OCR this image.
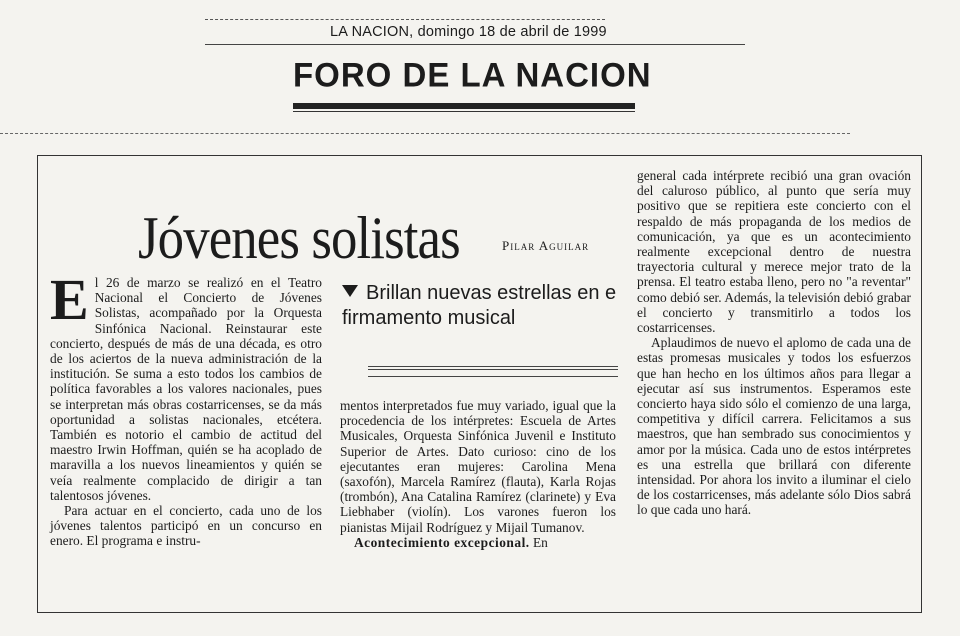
LA NACION, domingo 18 de abril de 1999
FORO DE LA NACION
Jóvenes solistas	Pilar Aguilar

El 26 de marzo se realizó en el Teatro Nacional el Concierto de Jóvenes Solistas, acompañado por la Orquesta Sinfónica Nacional. Reinstaurar este concierto, después de más de una década, es otro de los aciertos de la nueva administración de la institución. Se suma a esto todos los cambios de política favorables a los valores nacionales, pues se interpretan más obras costarricenses, se da más oportunidad a solistas nacionales, etcétera. También es notorio el cambio de actitud del maestro Irwin Hoffman, quién se ha acoplado de maravilla a los nuevos lineamientos y quién se veía realmente complacido de dirigir a tan talentosos jóvenes.

Para actuar en el concierto, cada uno de los jóvenes talentos participó en un concurso en enero. El programa e instru-

Brillan nuevas estrellas en e firmamento musical

mentos interpretados fue muy variado, igual que la procedencia de los intérpretes: Escuela de Artes Musicales, Orquesta Sinfónica Juvenil e Instituto Superior de Artes. Dato curioso: cino de los ejecutantes eran mujeres: Carolina Mena (saxofón), Marcela Ramírez (flauta), Karla Rojas (trombón), Ana Catalina Ramírez (clarinete) y Eva Liebhaber (violín). Los varones fueron los pianistas Mijail Rodríguez y Mijail Tumanov.

Acontecimiento excepcional. En

general cada intérprete recibió una gran ovación del caluroso público, al punto que sería muy positivo que se repitiera este concierto con el respaldo de más propaganda de los medios de comunicación, ya que es un acontecimiento realmente excepcional dentro de nuestra trayectoria cultural y merece mejor trato de la prensa. El teatro estaba lleno, pero no "a reventar" como debió ser. Además, la televisión debió grabar el concierto y transmitirlo a todos los costarricenses.

Aplaudimos de nuevo el aplomo de cada una de estas promesas musicales y todos los esfuerzos que han hecho en los últimos años para llegar a ejecutar así sus instrumentos. Esperamos este concierto haya sido sólo el comienzo de una larga, competitiva y difícil carrera. Felicitamos a sus maestros, que han sembrado sus conocimientos y amor por la música. Cada uno de estos intérpretes es una estrella que brillará con diferente intensidad. Por ahora los invito a iluminar el cielo de los costarricenses, más adelante sólo Dios sabrá lo que cada uno hará.
